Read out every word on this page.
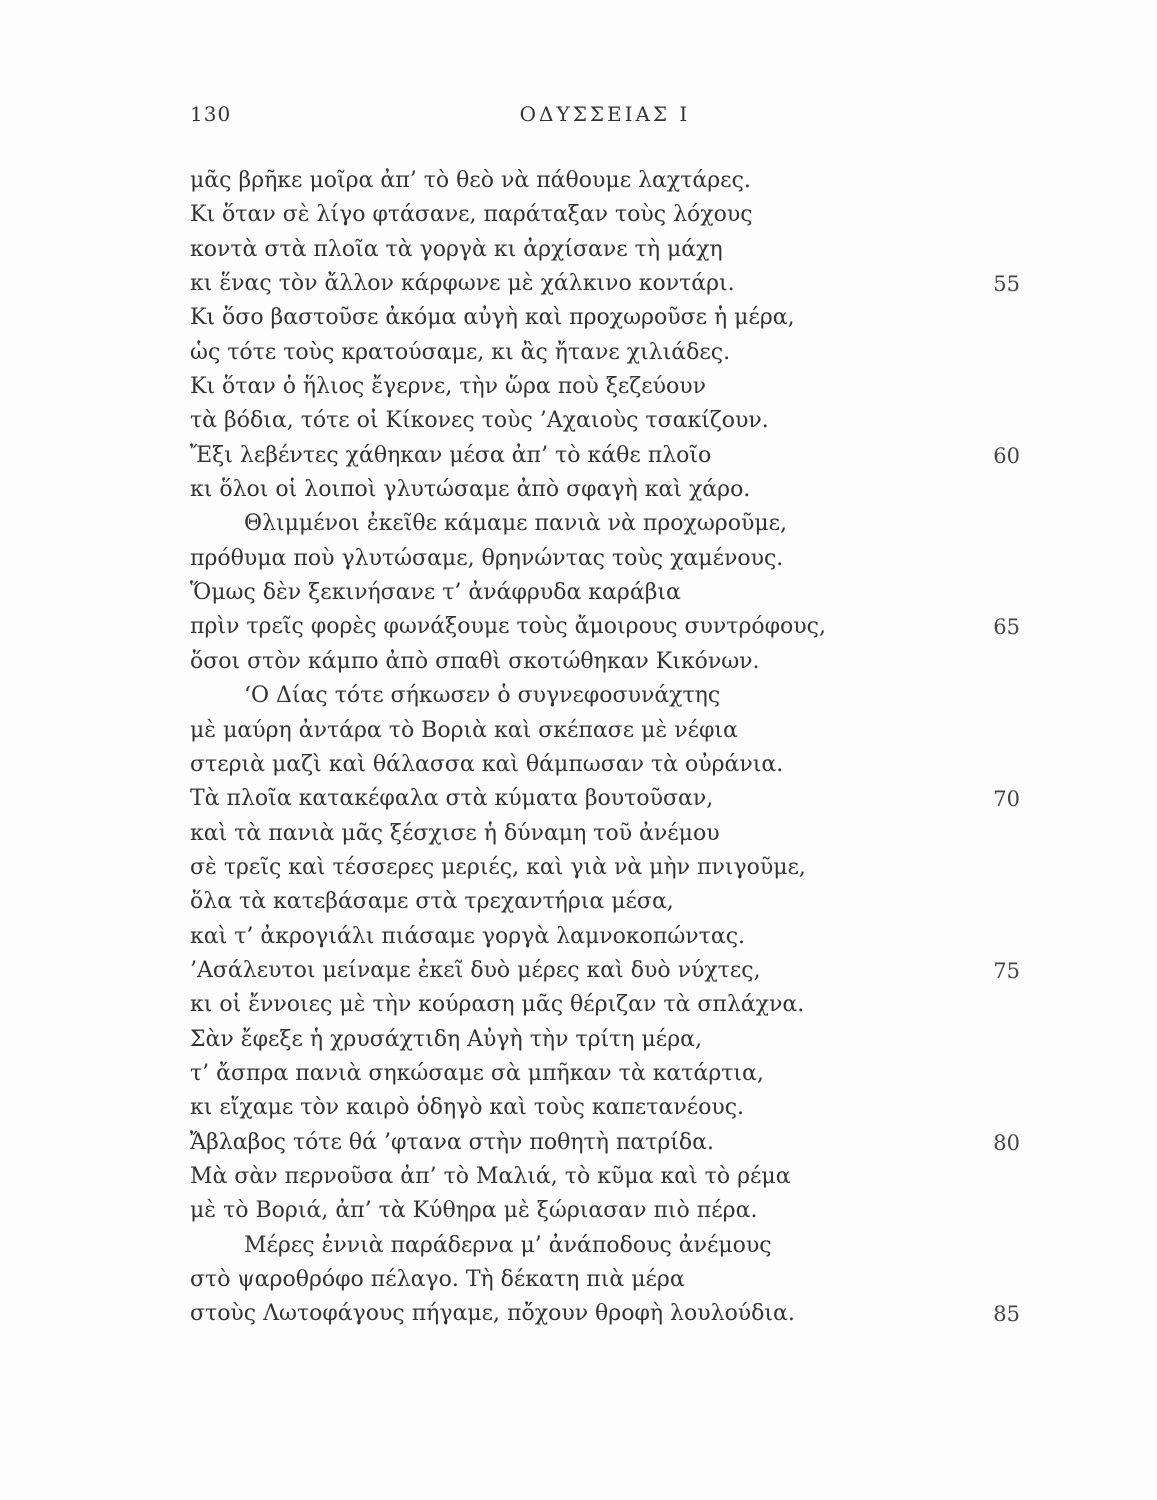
130	ΟΔΥΣΣΕΙΑΣ Ι
μᾶς βρῆκε μοῖρα ἀπ’ τὸ θεὸ νὰ πάθουμε λαχτάρες.
Κι ὅταν σὲ λίγο φτάσανε, παράταξαν τοὺς λόχους
κοντὰ στὰ πλοῖα τὰ γοργὰ κι ἀρχίσανε τὴ μάχη
κι ἕνας τὸν ἄλλον κάρφωνε μὲ χάλκινο κοντάρι.	55
Κι ὅσο βαστοῦσε ἀκόμα αὐγὴ καὶ προχωροῦσε ἡ μέρα,
ὡς τότε τοὺς κρατούσαμε, κι ἂς ἤτανε χιλιάδες.
Κι ὅταν ὁ ἥλιος ἔγερνε, τὴν ὥρα ποὺ ξεζεύουν
τὰ βόδια, τότε οἱ Κίκονες τοὺς ’Αχαιοὺς τσακίζουν.
Ἔξι λεβέντες χάθηκαν μέσα ἀπ’ τὸ κάθε πλοῖο	60
κι ὅλοι οἱ λοιποὶ γλυτώσαμε ἀπὸ σφαγὴ καὶ χάρο.
Θλιμμένοι ἐκεῖθε κάμαμε πανιὰ νὰ προχωροῦμε,
πρόθυμα ποὺ γλυτώσαμε, θρηνώντας τοὺς χαμένους.
Ὅμως δὲν ξεκινήσανε τ’ ἀνάφρυδα καράβια
πρὶν τρεῖς φορὲς φωνάξουμε τοὺς ἄμοιρους συντρόφους,	65
ὅσοι στὸν κάμπο ἀπὸ σπαθὶ σκοτώθηκαν Κικόνων.
‘Ο Δίας τότε σήκωσεν ὁ συγνεφοσυνάχτης
μὲ μαύρη ἀντάρα τὸ Βοριὰ καὶ σκέπασε μὲ νέφια
στεριὰ μαζὶ καὶ θάλασσα καὶ θάμπωσαν τὰ οὐράνια.
Τὰ πλοῖα κατακέφαλα στὰ κύματα βουτοῦσαν,	70
καὶ τὰ πανιὰ μᾶς ξέσχισε ἡ δύναμη τοῦ ἀνέμου
σὲ τρεῖς καὶ τέσσερες μεριές, καὶ γιὰ νὰ μὴν πνιγοῦμε,
ὅλα τὰ κατεβάσαμε στὰ τρεχαντήρια μέσα,
καὶ τ’ ἀκρογιάλι πιάσαμε γοργὰ λαμνοκοπώντας.
’Ασάλευτοι μείναμε ἐκεῖ δυὸ μέρες καὶ δυὸ νύχτες,	75
κι οἱ ἔννοιες μὲ τὴν κούραση μᾶς θέριζαν τὰ σπλάχνα.
Σὰν ἔφεξε ἡ χρυσάχτιδη Αὐγὴ τὴν τρίτη μέρα,
τ’ ἄσπρα πανιὰ σηκώσαμε σὰ μπῆκαν τὰ κατάρτια,
κι εἴχαμε τὸν καιρὸ ὁδηγὸ καὶ τοὺς καπετανέους.
Ἄβλαβος τότε θά ’φτανα στὴν ποθητὴ πατρίδα.	80
Μὰ σὰν περνοῦσα ἀπ’ τὸ Μαλιά, τὸ κῦμα καὶ τὸ ρέμα
μὲ τὸ Βοριά, ἀπ’ τὰ Κύθηρα μὲ ξώριασαν πιὸ πέρα.
Μέρες ἐννιὰ παράδερνα μ’ ἀνάποδους ἀνέμους
στὸ ψαροθρόφο πέλαγο. Τὴ δέκατη πιὰ μέρα
στοὺς Λωτοφάγους πήγαμε, πὄχουν θροφὴ λουλούδια.	85
